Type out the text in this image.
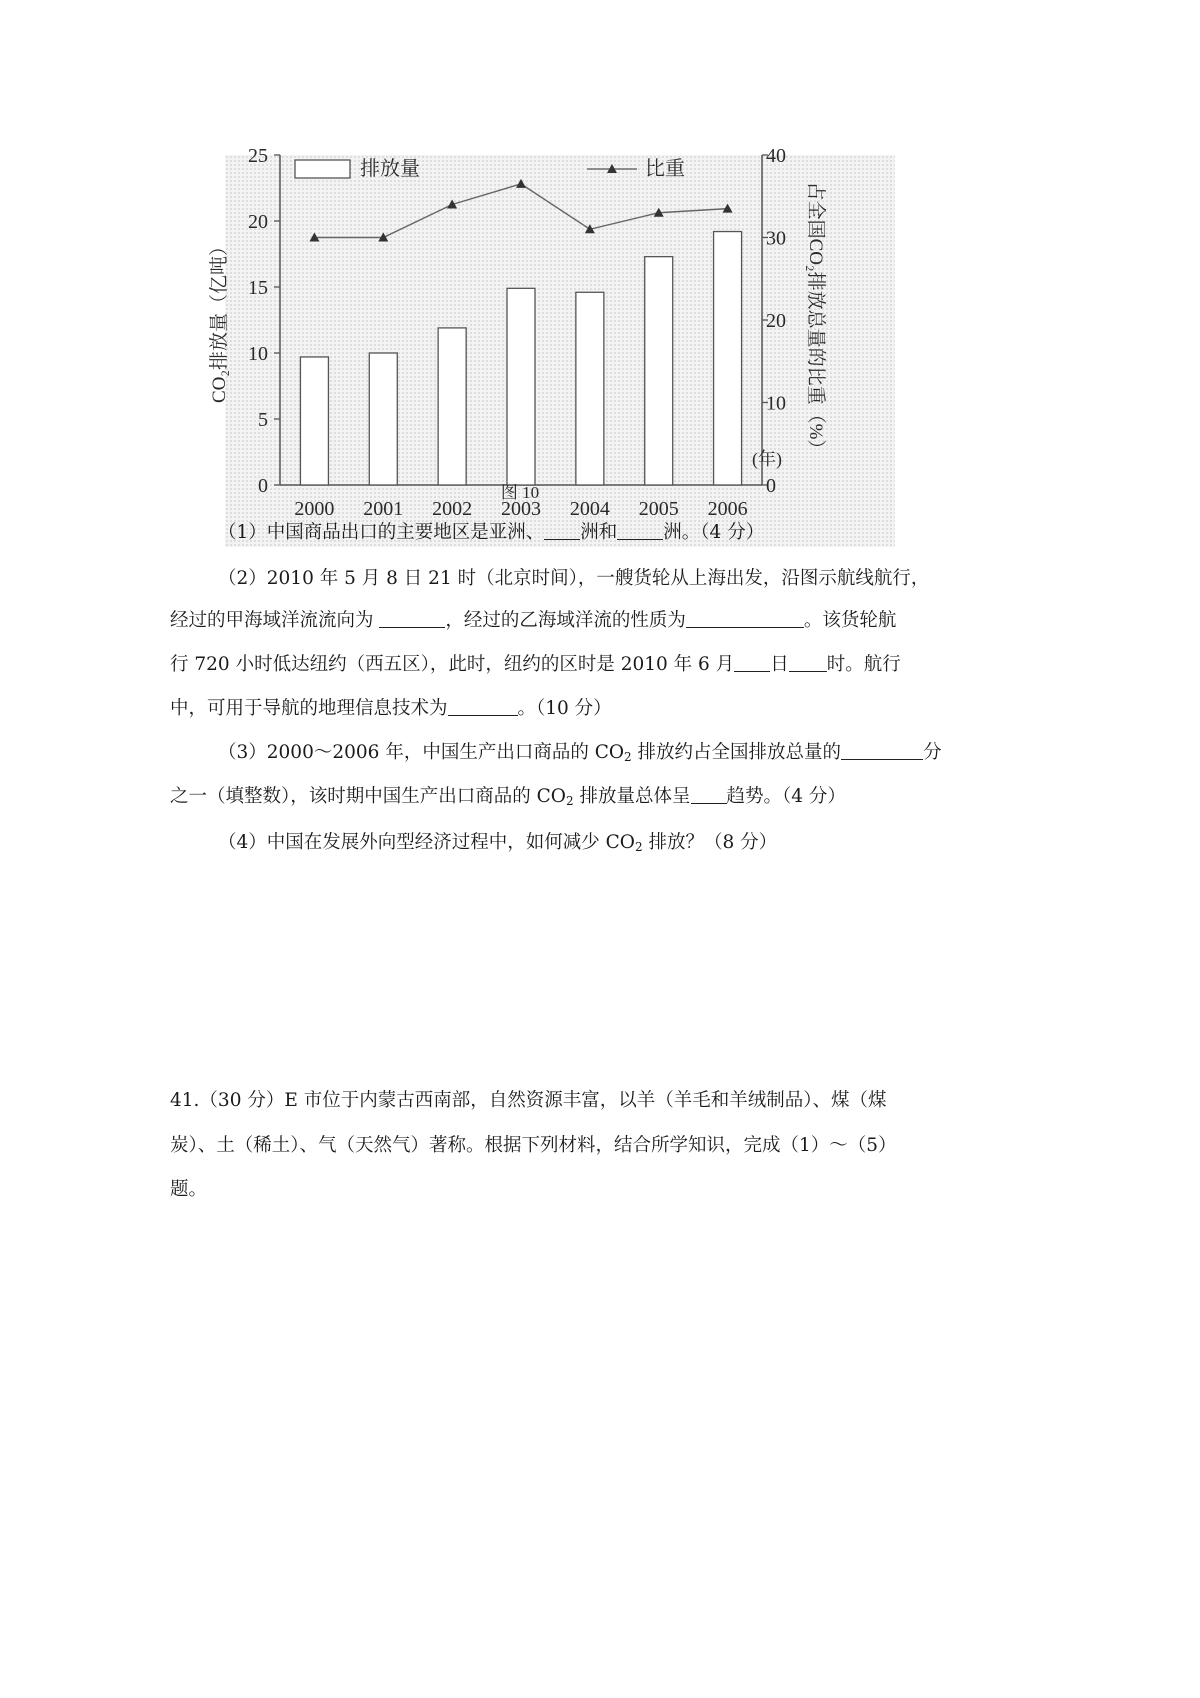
0
5
10
15
20
25
0
10
20
30
40
2000 2001 2002 2003 2004 2005 2006
排放量	比重
CO₂排放量（亿吨）	占全国CO₂排放总量的比重（%）
(年)
图 10
（1）中国商品出口的主要地区是亚洲、 洲和 洲。（4 分）
（2）2010 年 5 月 8 日 21 时（北京时间），一艘货轮从上海出发，沿图示航线航行，
经过的甲海域洋流流向为	，经过的乙海域洋流的性质为	。该货轮航
行 720 小时低达纽约（西五区），此时，纽约的区时是 2010 年 6 月 日 时。航行
中，可用于导航的地理信息技术为	。（10 分）
（3）2000～2006 年，中国生产出口商品的 $CO_2$ 排放约占全国排放总量的	分
之一（填整数），该时期中国生产出口商品的 $CO_2$ 排放量总体呈 趋势。（4 分）
（4）中国在发展外向型经济过程中，如何减少 $CO_2$ 排放？（8 分）
41.（30 分）E 市位于内蒙古西南部，自然资源丰富，以羊（羊毛和羊绒制品）、煤（煤
炭）、土（稀土）、气（天然气）著称。根据下列材料，结合所学知识，完成（1）～（5）
题。
